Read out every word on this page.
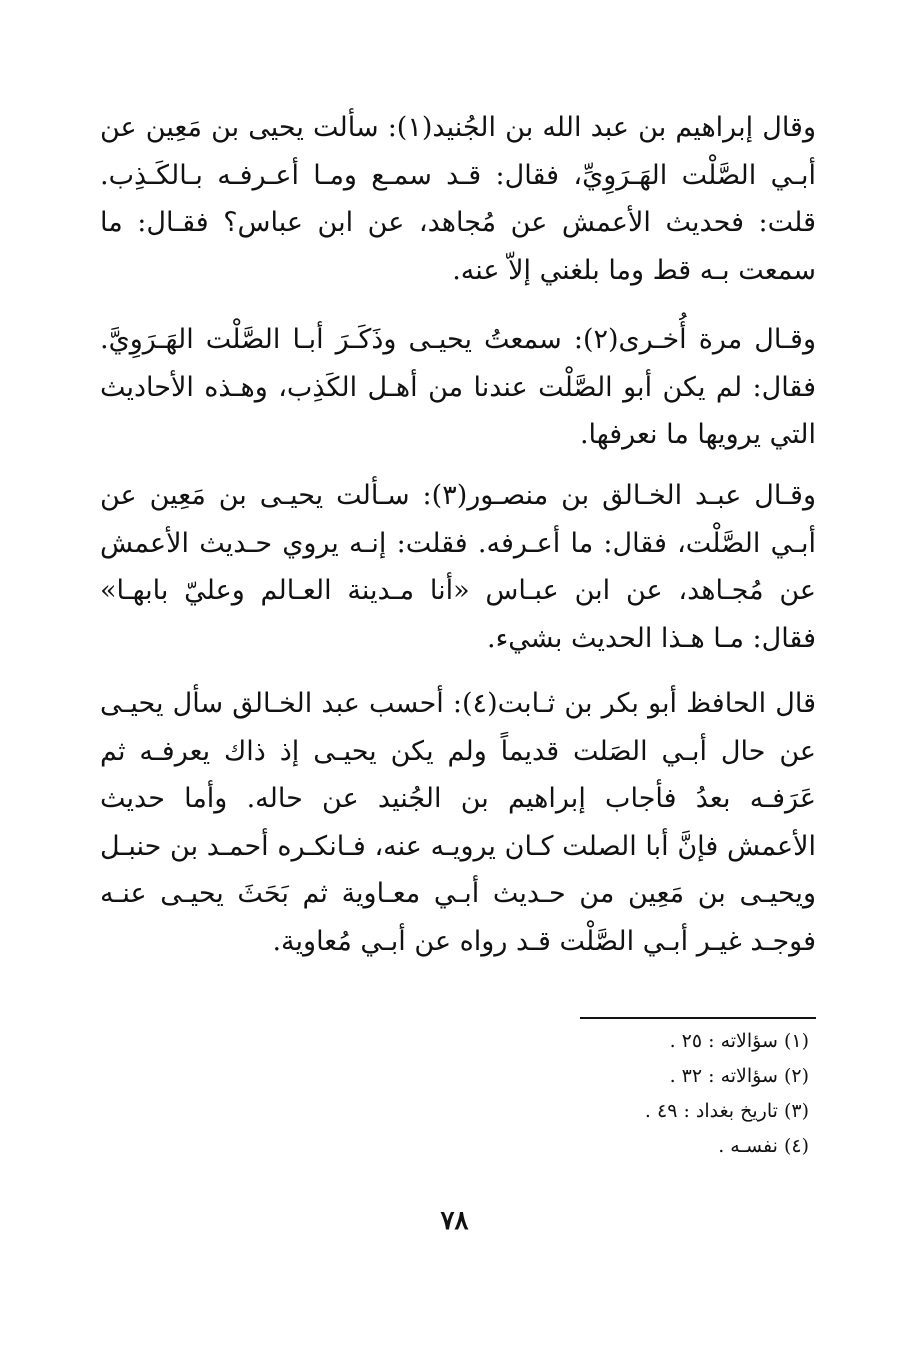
وقال إبراهيم بن عبد الله بن الجُنيد(١): سألت يحيى بن مَعِين عن أبـي الصَّلْت الهَـرَوِيِّ، فقال: قـد سمـع ومـا أعـرفـه بـالكَـذِب. قلت: فحديث الأعمش عن مُجاهد، عن ابن عباس؟ فقـال: ما سمعت بـه قط وما بلغني إلاّ عنه.

وقـال مرة أُخـرى(٢): سمعتُ يحيـى وذَكَـرَ أبـا الصَّلْت الهَـرَوِيَّ. فقال: لم يكن أبو الصَّلْت عندنا من أهـل الكَذِب، وهـذه الأحاديث التي يرويها ما نعرفها.

وقـال عبـد الخـالق بن منصـور(٣): سـألت يحيـى بن مَعِين عن أبـي الصَّلْت، فقال: ما أعـرفه. فقلت: إنـه يروي حـديث الأعمش عن مُجـاهد، عن ابن عبـاس «أنا مـدينة العـالم وعليّ بابهـا» فقال: مـا هـذا الحديث بشيء.

قال الحافظ أبو بكر بن ثـابت(٤): أحسب عبد الخـالق سأل يحيـى عن حال أبـي الصَلت قديماً ولم يكن يحيـى إذ ذاك يعرفـه ثم عَرَفـه بعدُ فأجاب إبراهيم بن الجُنيد عن حاله. وأما حديث الأعمش فإنَّ أبا الصلت كـان يرويـه عنه، فـانكـره أحمـد بن حنبـل ويحيـى بن مَعِين من حـديث أبـي معـاوية ثم بَحَثَ يحيـى عنـه فوجـد غيـر أبـي الصَّلْت قـد رواه عن أبـي مُعاوية.

(١) سؤالاته : ٢٥ .
(٢) سؤالاته : ٣٢ .
(٣) تاريخ بغداد : ٤٩ .
(٤) نفسـه .
٧٨
